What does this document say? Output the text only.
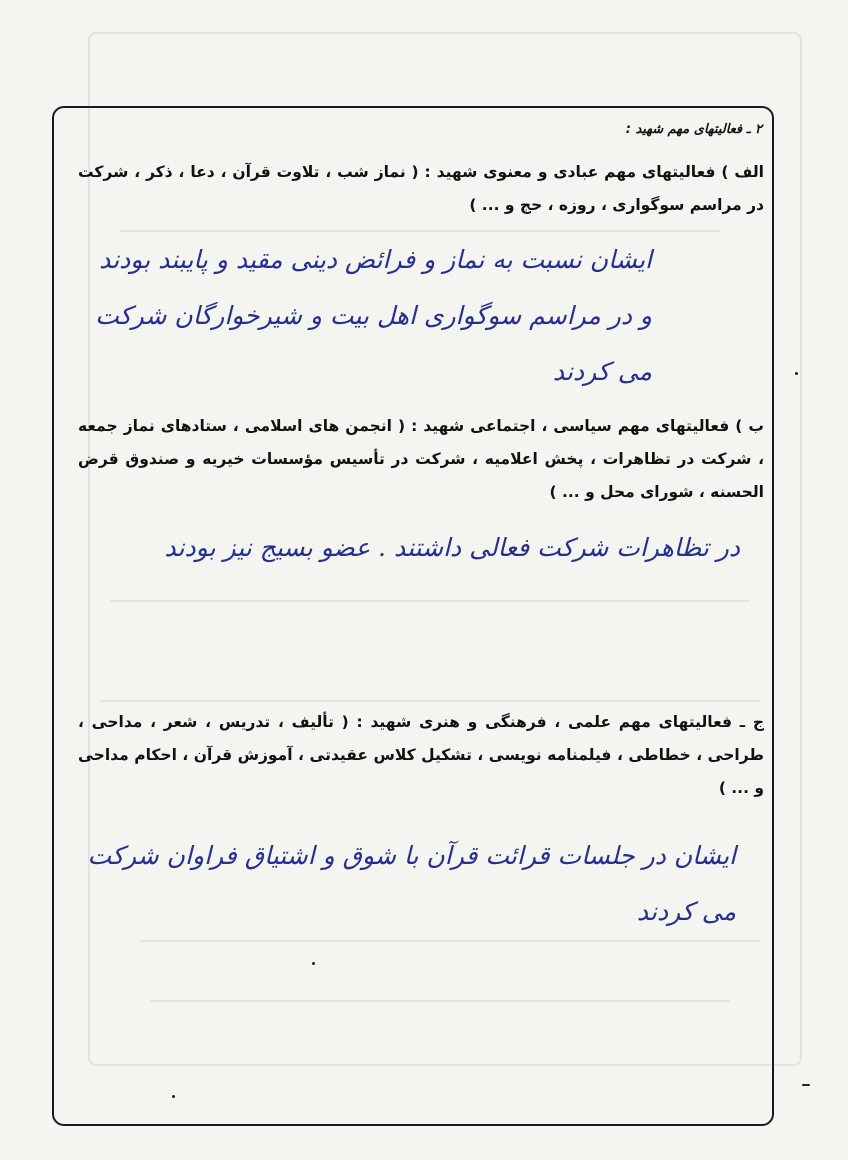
۲ ـ فعالیتهای مهم شهید :

الف ) فعالیتهای مهم عبادی و معنوی شهید : ( نماز شب ، تلاوت قرآن ، دعا ، ذکر ، شرکت در مراسم سوگواری ، روزه ، حج و ... )

ایشان نسبت به نماز و فرائض دینی مقید و پایبند بودند و در مراسم سوگواری اهل بیت و شیرخوارگان شرکت می کردند

ب ) فعالیتهای مهم سیاسی ، اجتماعی شهید : ( انجمن های اسلامی ، ستادهای نماز جمعه ، شرکت در تظاهرات ، پخش اعلامیه ، شرکت در تأسیس مؤسسات خیریه و صندوق قرض الحسنه ، شورای محل و ... )

در تظاهرات شرکت فعالی داشتند . عضو بسیج نیز بودند

ج ـ فعالیتهای مهم علمی ، فرهنگی و هنری شهید : ( تألیف ، تدریس ، شعر ، مداحی ، طراحی ، خطاطی ، فیلمنامه نویسی ، تشکیل کلاس عقیدتی ، آموزش قرآن ، احکام مداحی و ... )

ایشان در جلسات قرائت قرآن با شوق و اشتیاق فراوان شرکت می کردند
